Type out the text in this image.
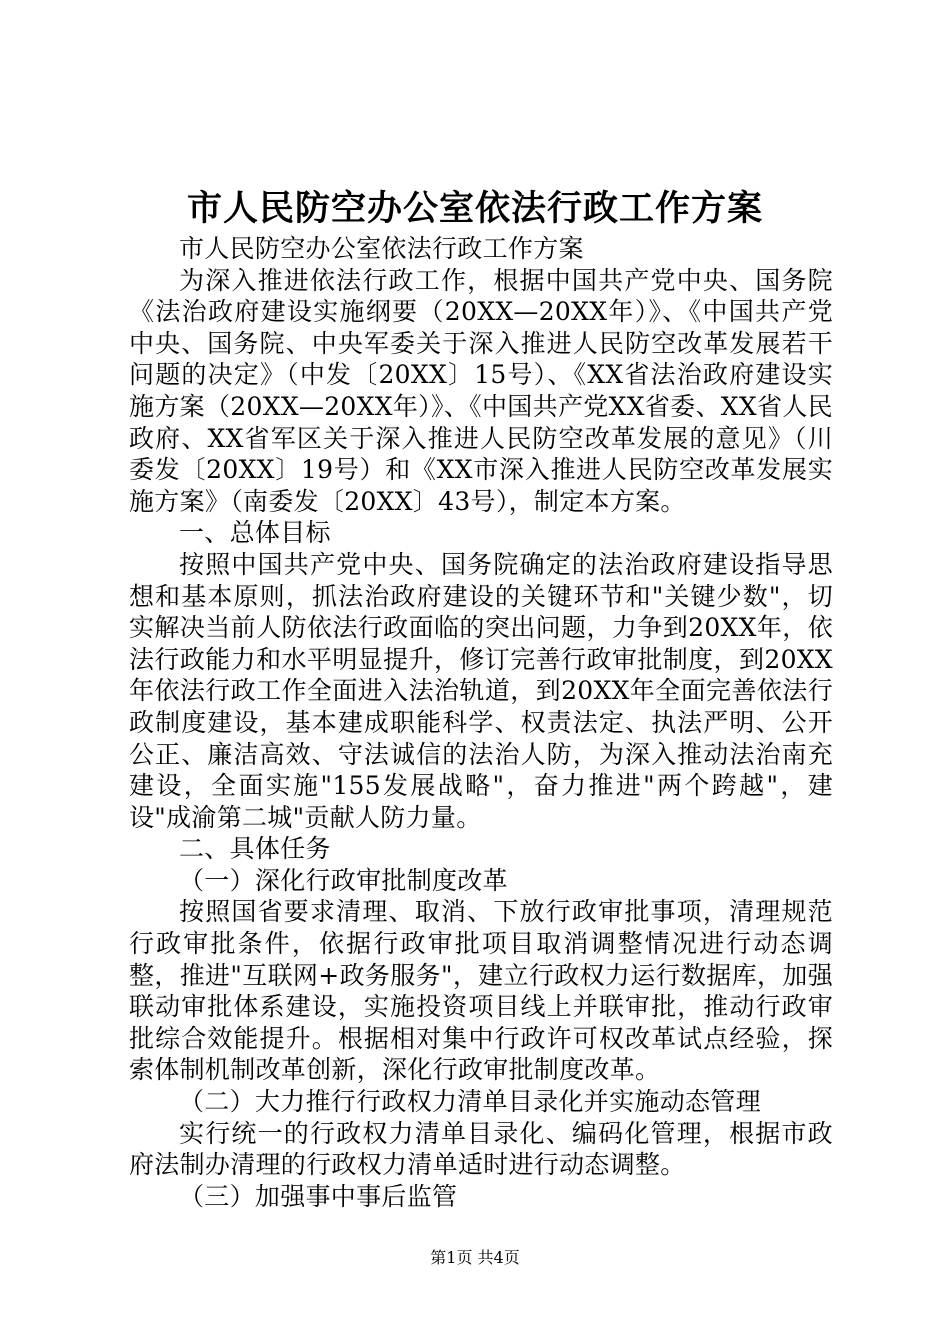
市人民防空办公室依法行政工作方案

市人民防空办公室依法行政工作方案

为深入推进依法行政工作，根据中国共产党中央、国务院《法治政府建设实施纲要（20XX—20XX年）》、《中国共产党中央、国务院、中央军委关于深入推进人民防空改革发展若干问题的决定》（中发〔20XX〕15号）、《XX省法治政府建设实施方案（20XX—20XX年）》、《中国共产党XX省委、XX省人民政府、XX省军区关于深入推进人民防空改革发展的意见》（川委发〔20XX〕19号）和《XX市深入推进人民防空改革发展实施方案》（南委发〔20XX〕43号），制定本方案。

一、总体目标

按照中国共产党中央、国务院确定的法治政府建设指导思想和基本原则，抓法治政府建设的关键环节和"关键少数"，切实解决当前人防依法行政面临的突出问题，力争到20XX年，依法行政能力和水平明显提升，修订完善行政审批制度，到20XX年依法行政工作全面进入法治轨道，到20XX年全面完善依法行政制度建设，基本建成职能科学、权责法定、执法严明、公开公正、廉洁高效、守法诚信的法治人防，为深入推动法治南充建设，全面实施"155发展战略"，奋力推进"两个跨越"，建设"成渝第二城"贡献人防力量。

二、具体任务

（一）深化行政审批制度改革

按照国省要求清理、取消、下放行政审批事项，清理规范行政审批条件，依据行政审批项目取消调整情况进行动态调整，推进"互联网+政务服务"，建立行政权力运行数据库，加强联动审批体系建设，实施投资项目线上并联审批，推动行政审批综合效能提升。根据相对集中行政许可权改革试点经验，探索体制机制改革创新，深化行政审批制度改革。

（二）大力推行行政权力清单目录化并实施动态管理

实行统一的行政权力清单目录化、编码化管理，根据市政府法制办清理的行政权力清单适时进行动态调整。

（三）加强事中事后监管

第1页 共4页
